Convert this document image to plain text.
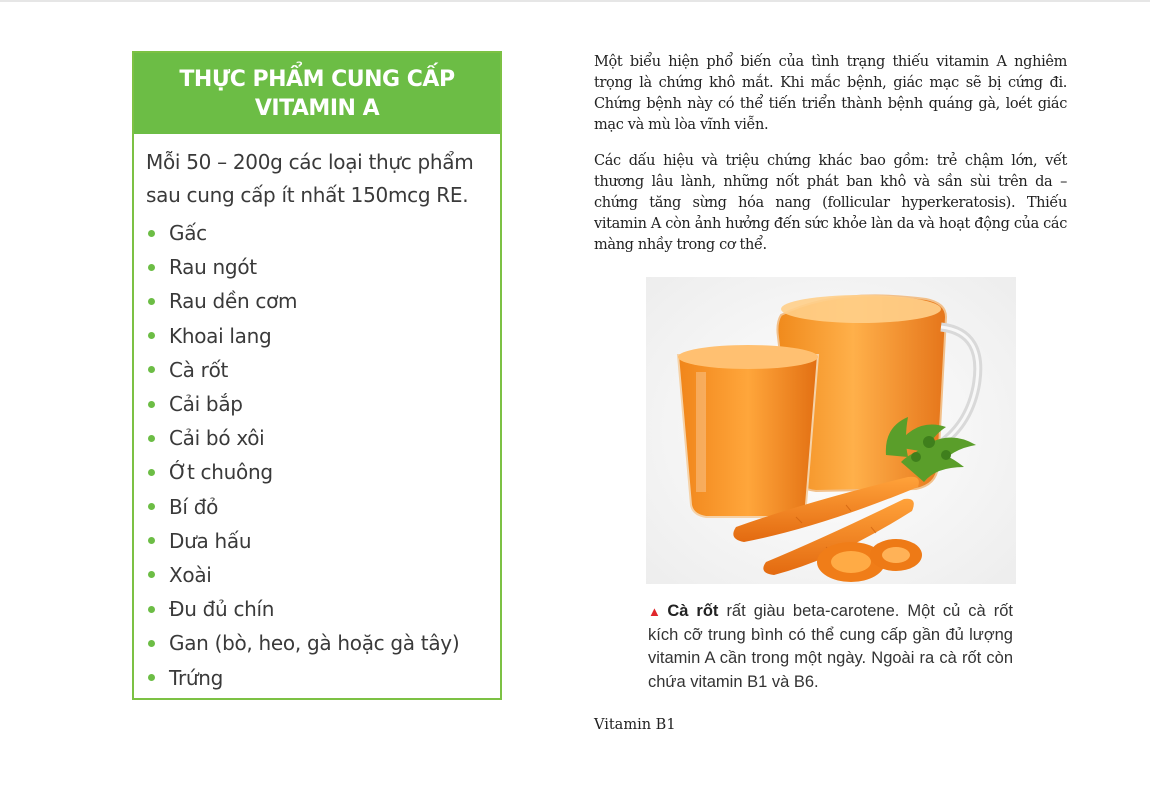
THỰC PHẨM CUNG CẤP
VITAMIN A
Mỗi 50 – 200g các loại thực phẩm sau cung cấp ít nhất 150mcg RE.
Gấc
Rau ngót
Rau dền cơm
Khoai lang
Cà rốt
Cải bắp
Cải bó xôi
Ớt chuông
Bí đỏ
Dưa hấu
Xoài
Đu đủ chín
Gan (bò, heo, gà hoặc gà tây)
Trứng

Một biểu hiện phổ biến của tình trạng thiếu vitamin A nghiêm trọng là chứng khô mắt. Khi mắc bệnh, giác mạc sẽ bị cứng đi. Chứng bệnh này có thể tiến triển thành bệnh quáng gà, loét giác mạc và mù lòa vĩnh viễn.

Các dấu hiệu và triệu chứng khác bao gồm: trẻ chậm lớn, vết thương lâu lành, những nốt phát ban khô và sần sùi trên da – chứng tăng sừng hóa nang (follicular hyperkeratosis). Thiếu vitamin A còn ảnh hưởng đến sức khỏe làn da và hoạt động của các màng nhầy trong cơ thể.

▲ Cà rốt rất giàu beta-carotene. Một củ cà rốt kích cỡ trung bình có thể cung cấp gần đủ lượng vitamin A cần trong một ngày. Ngoài ra cà rốt còn chứa vitamin B1 và B6.

Vitamin B1
